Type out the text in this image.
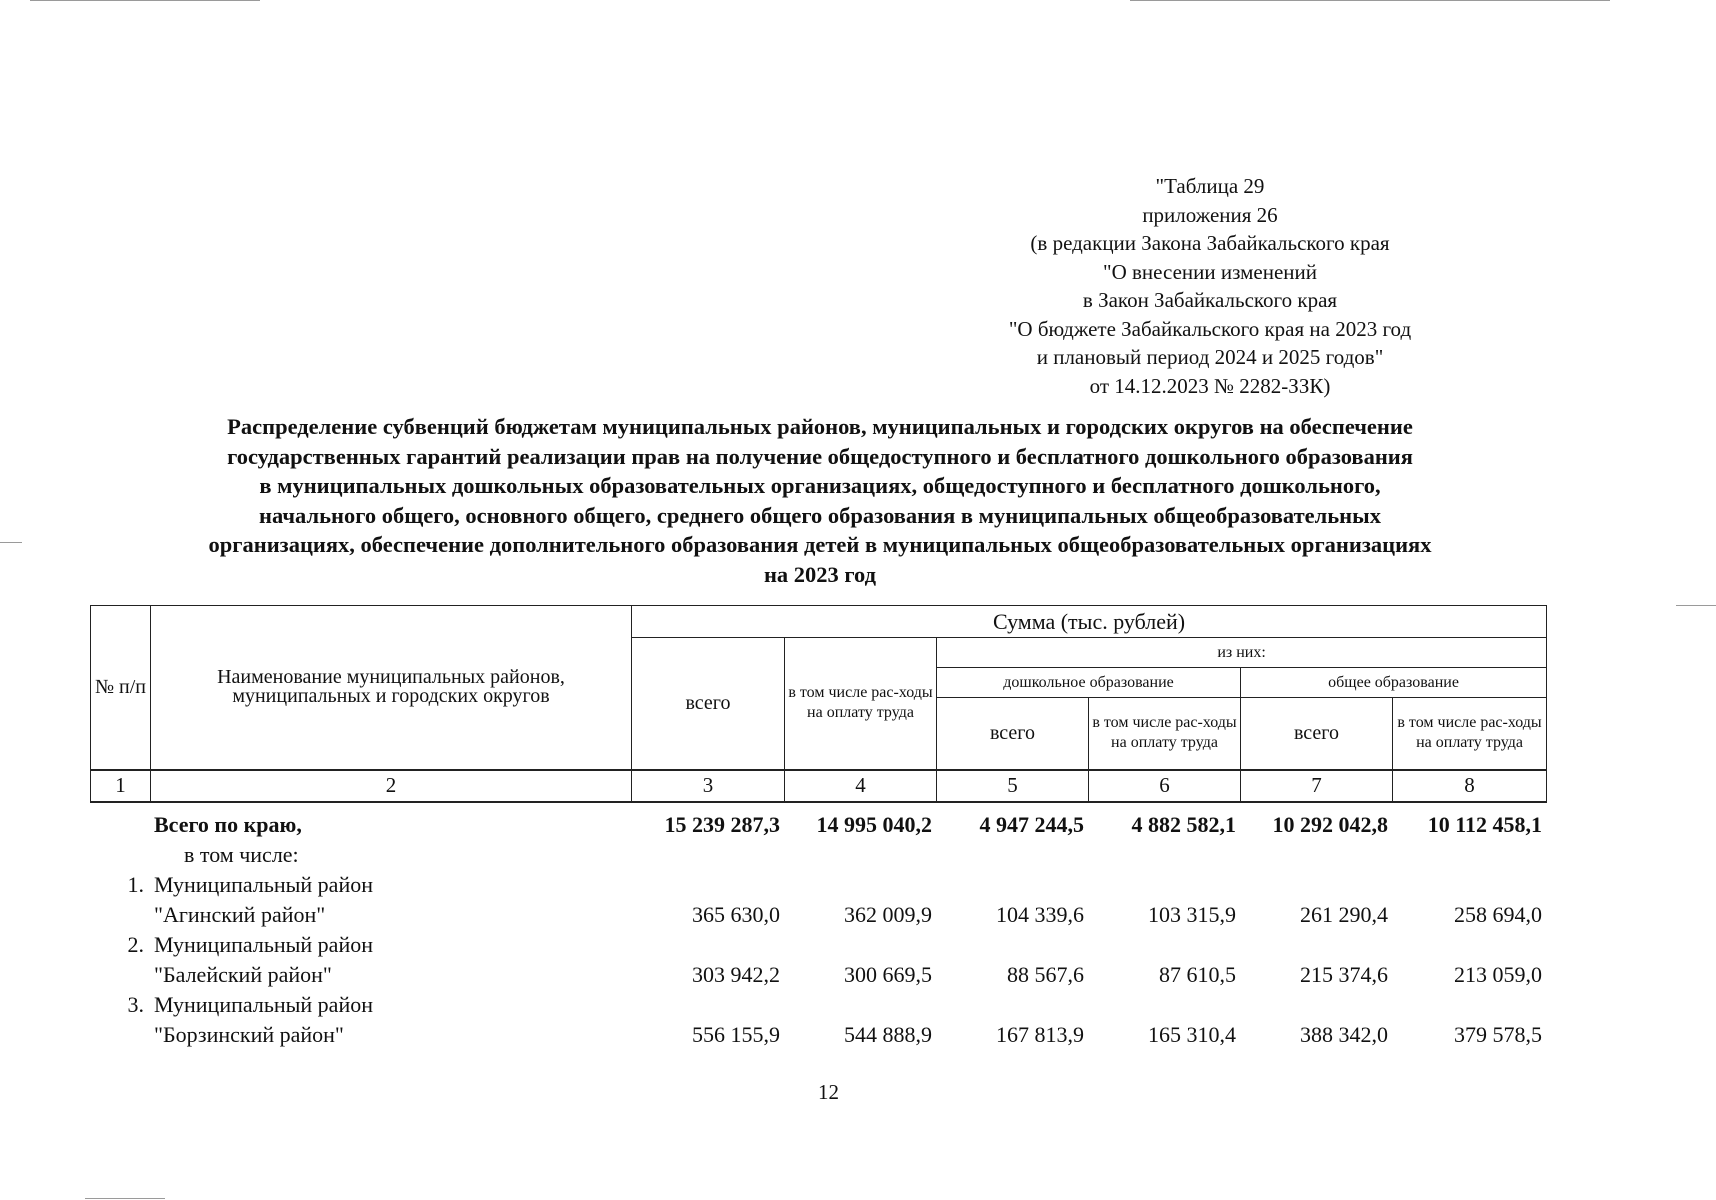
"Таблица 29
приложения 26
(в редакции Закона Забайкальского края
"О внесении изменений
в Закон Забайкальского края
"О бюджете Забайкальского края на 2023 год
и плановый период 2024 и 2025 годов"
от 14.12.2023 № 2282-ЗЗК)
Распределение субвенций бюджетам муниципальных районов, муниципальных и городских округов на обеспечение
государственных гарантий реализации прав на получение общедоступного и бесплатного дошкольного образования
в муниципальных дошкольных образовательных организациях, общедоступного и бесплатного дошкольного,
начального общего, основного общего, среднего общего образования в муниципальных общеобразовательных
организациях, обеспечение дополнительного образования детей в муниципальных общеобразовательных организациях
на 2023 год
№ п/п	Наименование муниципальных районов, муниципальных и городских округов	Сумма (тыс. рублей)					
		всего	в том числе рас-ходы на оплату труда	из них:			
				дошкольное образование		общее образование	
				всего	в том числе рас-ходы на оплату труда	всего	в том числе рас-ходы на оплату труда
1	2	3	4	5	6	7	8
	Всего по краю,	15 239 287,3	14 995 040,2	4 947 244,5	4 882 582,1	10 292 042,8	10 112 458,1
	в том числе:						
1.	Муниципальный район						
	"Агинский район"	365 630,0	362 009,9	104 339,6	103 315,9	261 290,4	258 694,0
2.	Муниципальный район						
	"Балейский район"	303 942,2	300 669,5	88 567,6	87 610,5	215 374,6	213 059,0
3.	Муниципальный район						
	"Борзинский район"	556 155,9	544 888,9	167 813,9	165 310,4	388 342,0	379 578,5
12
